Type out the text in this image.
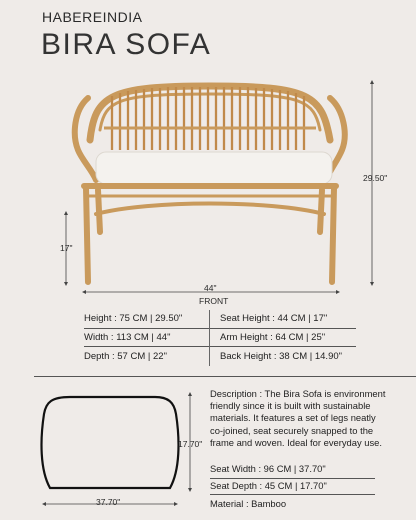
HABEREINDIA
BIRA SOFA
29.50"
17"
44"
FRONT
Height : 75 CM | 29.50"
Width : 113 CM | 44"
Depth : 57 CM | 22"
Seat Height : 44 CM | 17"
Arm Height : 64 CM | 25"
Back Height : 38 CM | 14.90"
17.70"
37.70"
Description : The Bira Sofa is environment friendly since it is built with sustainable materials. It features a set of legs neatly co-joined, seat securely snapped to the frame and woven. Ideal for everyday use.
Seat Width : 96 CM | 37.70"
Seat Depth : 45 CM | 17.70"
Material : Bamboo
